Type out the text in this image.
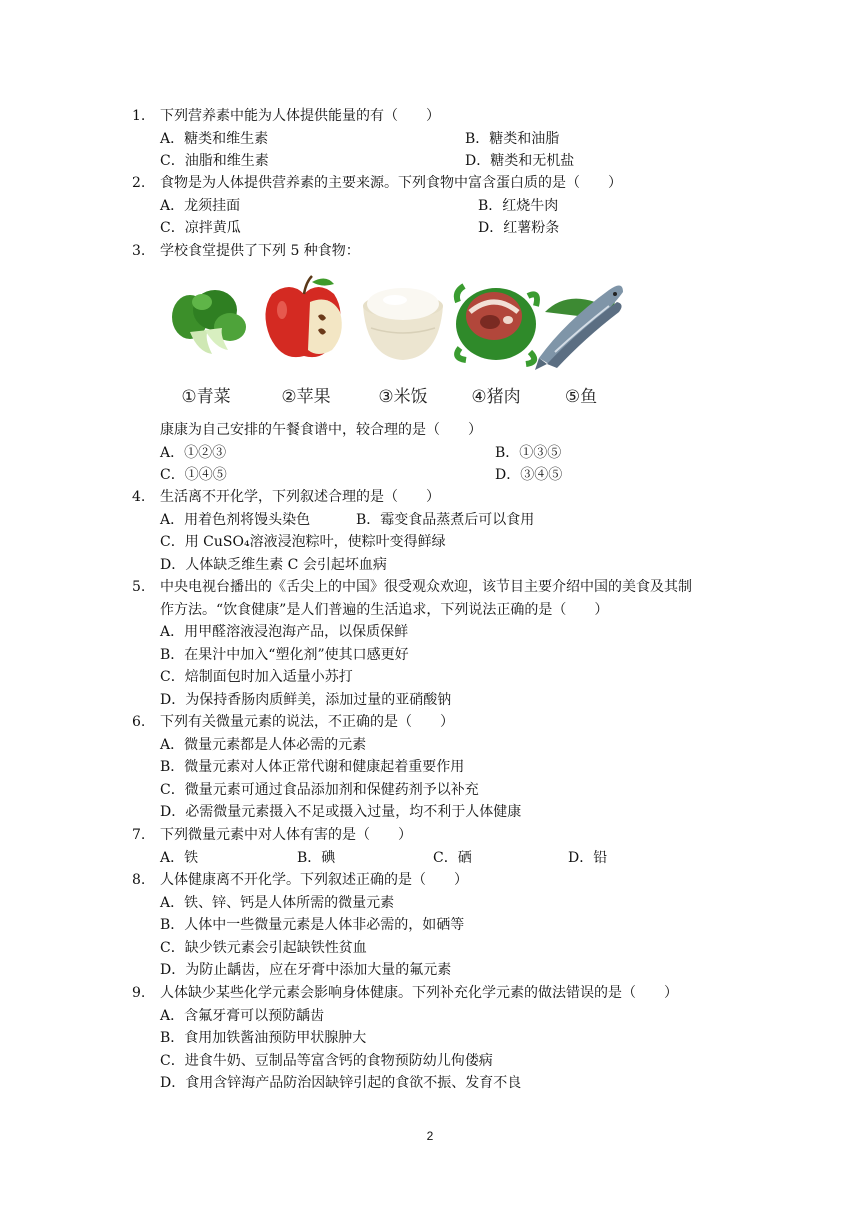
1.	下列营养素中能为人体提供能量的有（　　）
A．糖类和维生素	B．糖类和油脂
C．油脂和维生素	D．糖类和无机盐
2.	食物是为人体提供营养素的主要来源。下列食物中富含蛋白质的是（　　）
A．龙须挂面	B．红烧牛肉
C．凉拌黄瓜	D．红薯粉条
3.	学校食堂提供了下列 5 种食物：
①青菜	②苹果	③米饭	④猪肉	⑤鱼
康康为自己安排的午餐食谱中，较合理的是（　　）
A．①②③	B．①③⑤
C．①④⑤	D．③④⑤
4.	生活离不开化学，下列叙述合理的是（　　）
A．用着色剂将馒头染色	B．霉变食品蒸煮后可以食用
C．用 CuSO₄溶液浸泡粽叶，使粽叶变得鲜绿
D．人体缺乏维生素 C 会引起坏血病
5.	中央电视台播出的《舌尖上的中国》很受观众欢迎，该节目主要介绍中国的美食及其制
作方法。“饮食健康”是人们普遍的生活追求，下列说法正确的是（　　）
A．用甲醛溶液浸泡海产品，以保质保鲜
B．在果汁中加入“塑化剂”使其口感更好
C．焙制面包时加入适量小苏打
D．为保持香肠肉质鲜美，添加过量的亚硝酸钠
6.	下列有关微量元素的说法，不正确的是（　　）
A．微量元素都是人体必需的元素
B．微量元素对人体正常代谢和健康起着重要作用
C．微量元素可通过食品添加剂和保健药剂予以补充
D．必需微量元素摄入不足或摄入过量，均不利于人体健康
7.	下列微量元素中对人体有害的是（　　）
A．铁	B．碘	C．硒	D．铅
8.	人体健康离不开化学。下列叙述正确的是（　　）
A．铁、锌、钙是人体所需的微量元素
B．人体中一些微量元素是人体非必需的，如硒等
C．缺少铁元素会引起缺铁性贫血
D．为防止龋齿，应在牙膏中添加大量的氟元素
9.	人体缺少某些化学元素会影响身体健康。下列补充化学元素的做法错误的是（　　）
A．含氟牙膏可以预防龋齿
B．食用加铁酱油预防甲状腺肿大
C．进食牛奶、豆制品等富含钙的食物预防幼儿佝偻病
D．食用含锌海产品防治因缺锌引起的食欲不振、发育不良
2
